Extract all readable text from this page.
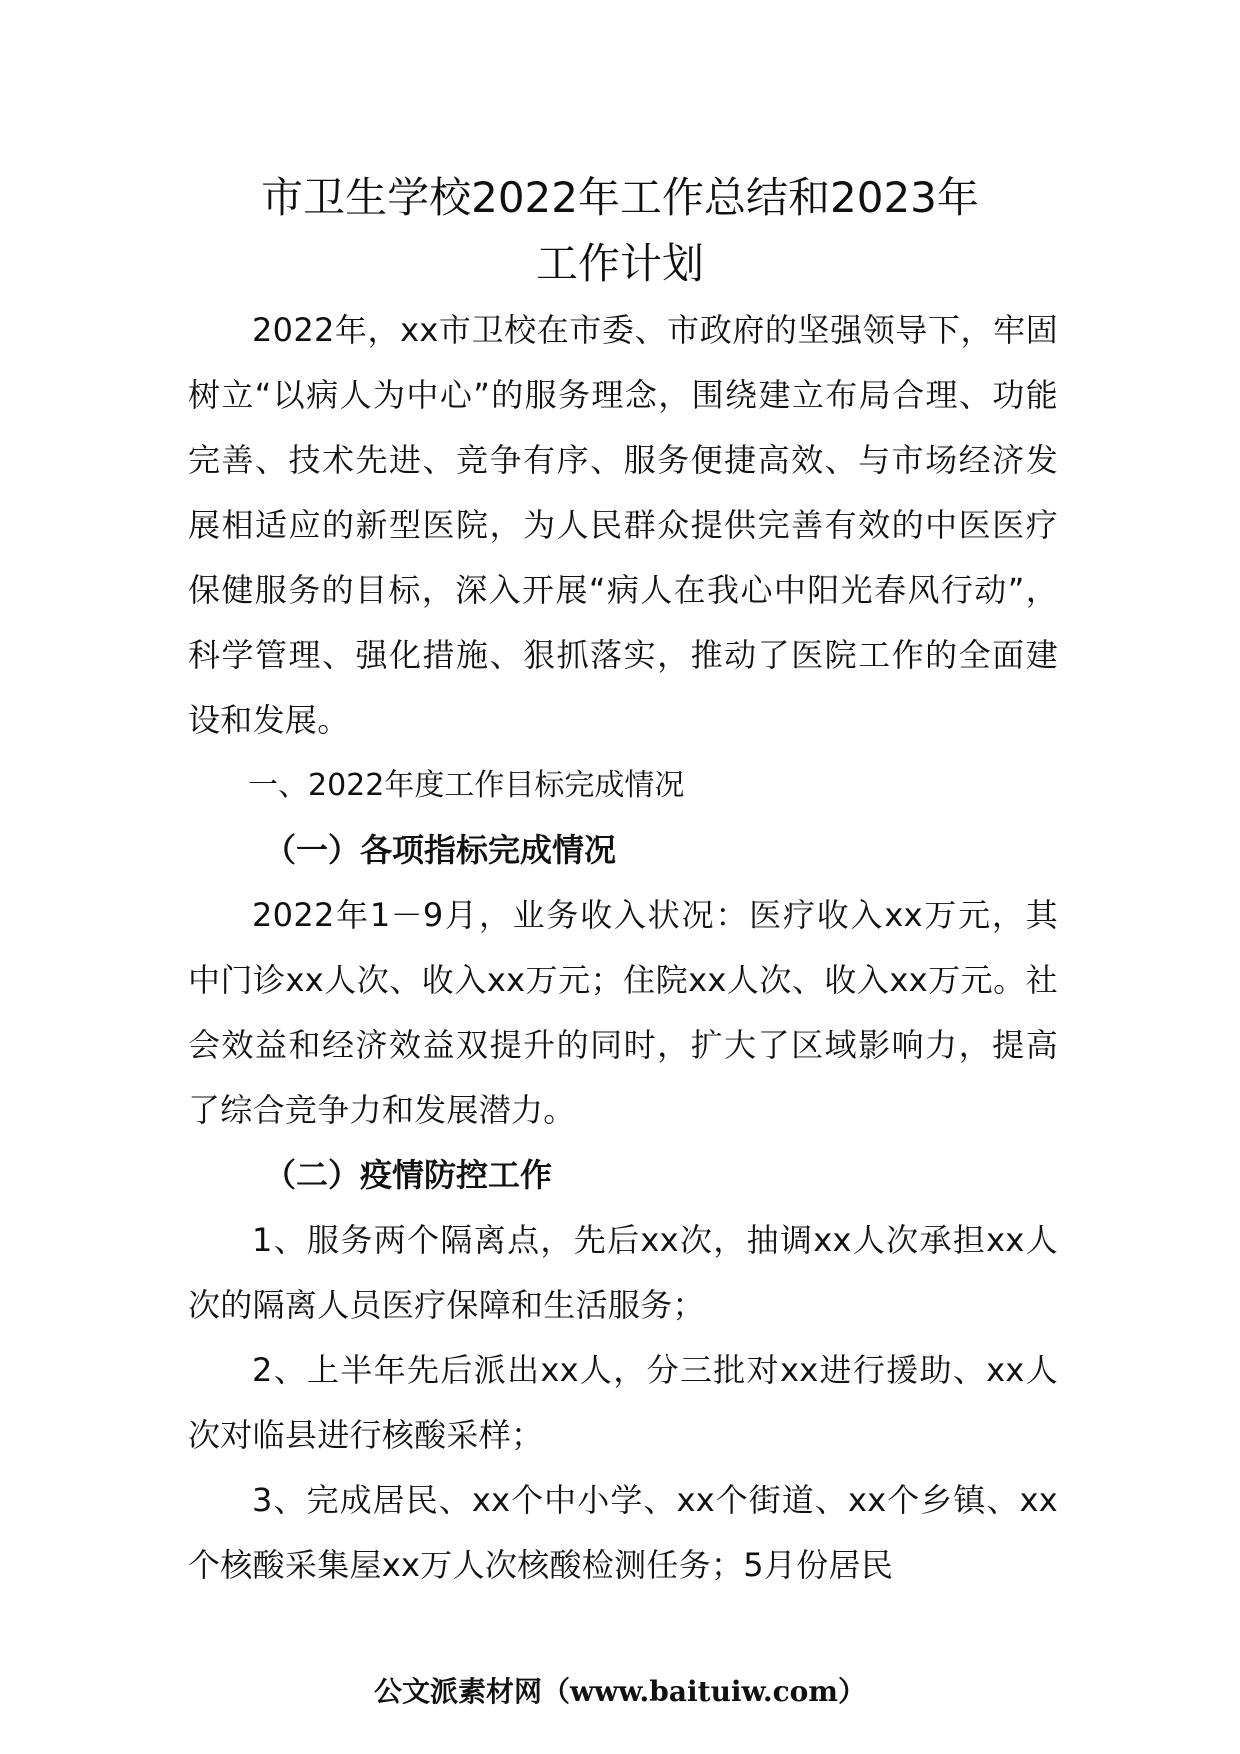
市卫生学校2022年工作总结和2023年
工作计划

2022年，xx市卫校在市委、市政府的坚强领导下，牢固树立“以病人为中心”的服务理念，围绕建立布局合理、功能完善、技术先进、竞争有序、服务便捷高效、与市场经济发展相适应的新型医院，为人民群众提供完善有效的中医医疗保健服务的目标，深入开展“病人在我心中阳光春风行动”，科学管理、强化措施、狠抓落实，推动了医院工作的全面建设和发展。

一、2022年度工作目标完成情况

（一）各项指标完成情况

2022年1－9月，业务收入状况：医疗收入xx万元，其中门诊xx人次、收入xx万元；住院xx人次、收入xx万元。社会效益和经济效益双提升的同时，扩大了区域影响力，提高了综合竞争力和发展潜力。

（二）疫情防控工作

1、服务两个隔离点，先后xx次，抽调xx人次承担xx人次的隔离人员医疗保障和生活服务；

2、上半年先后派出xx人，分三批对xx进行援助、xx人次对临县进行核酸采样；

3、完成居民、xx个中小学、xx个街道、xx个乡镇、xx个核酸采集屋xx万人次核酸检测任务；5月份居民

公文派素材网（www.baituiw.com）
